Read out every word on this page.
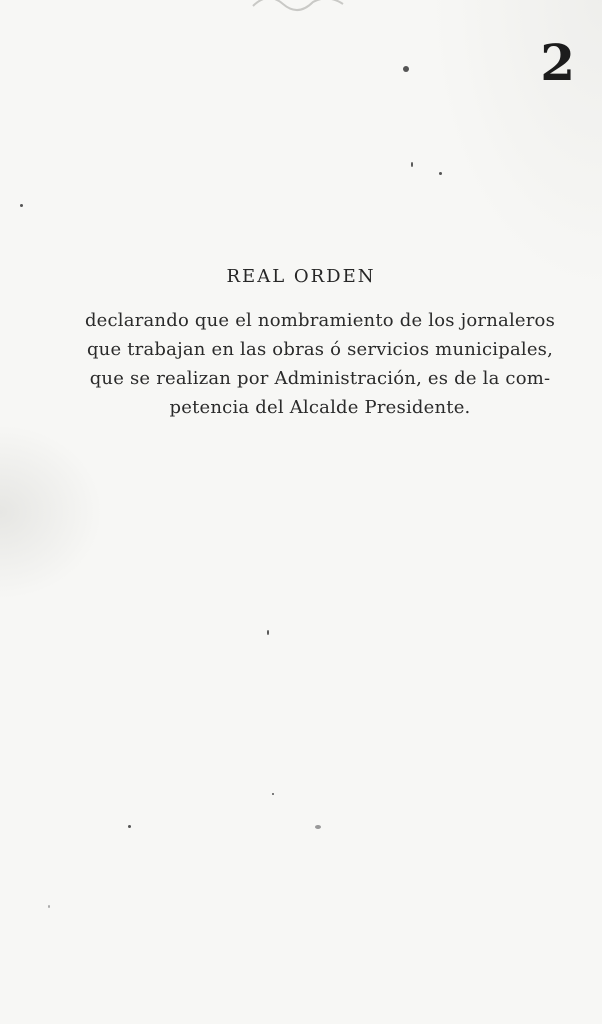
2
REAL ORDEN
declarando que el nombramiento de los jornaleros
que trabajan en las obras ó servicios municipales,
que se realizan por Administración, es de la com-
petencia del Alcalde Presidente.
